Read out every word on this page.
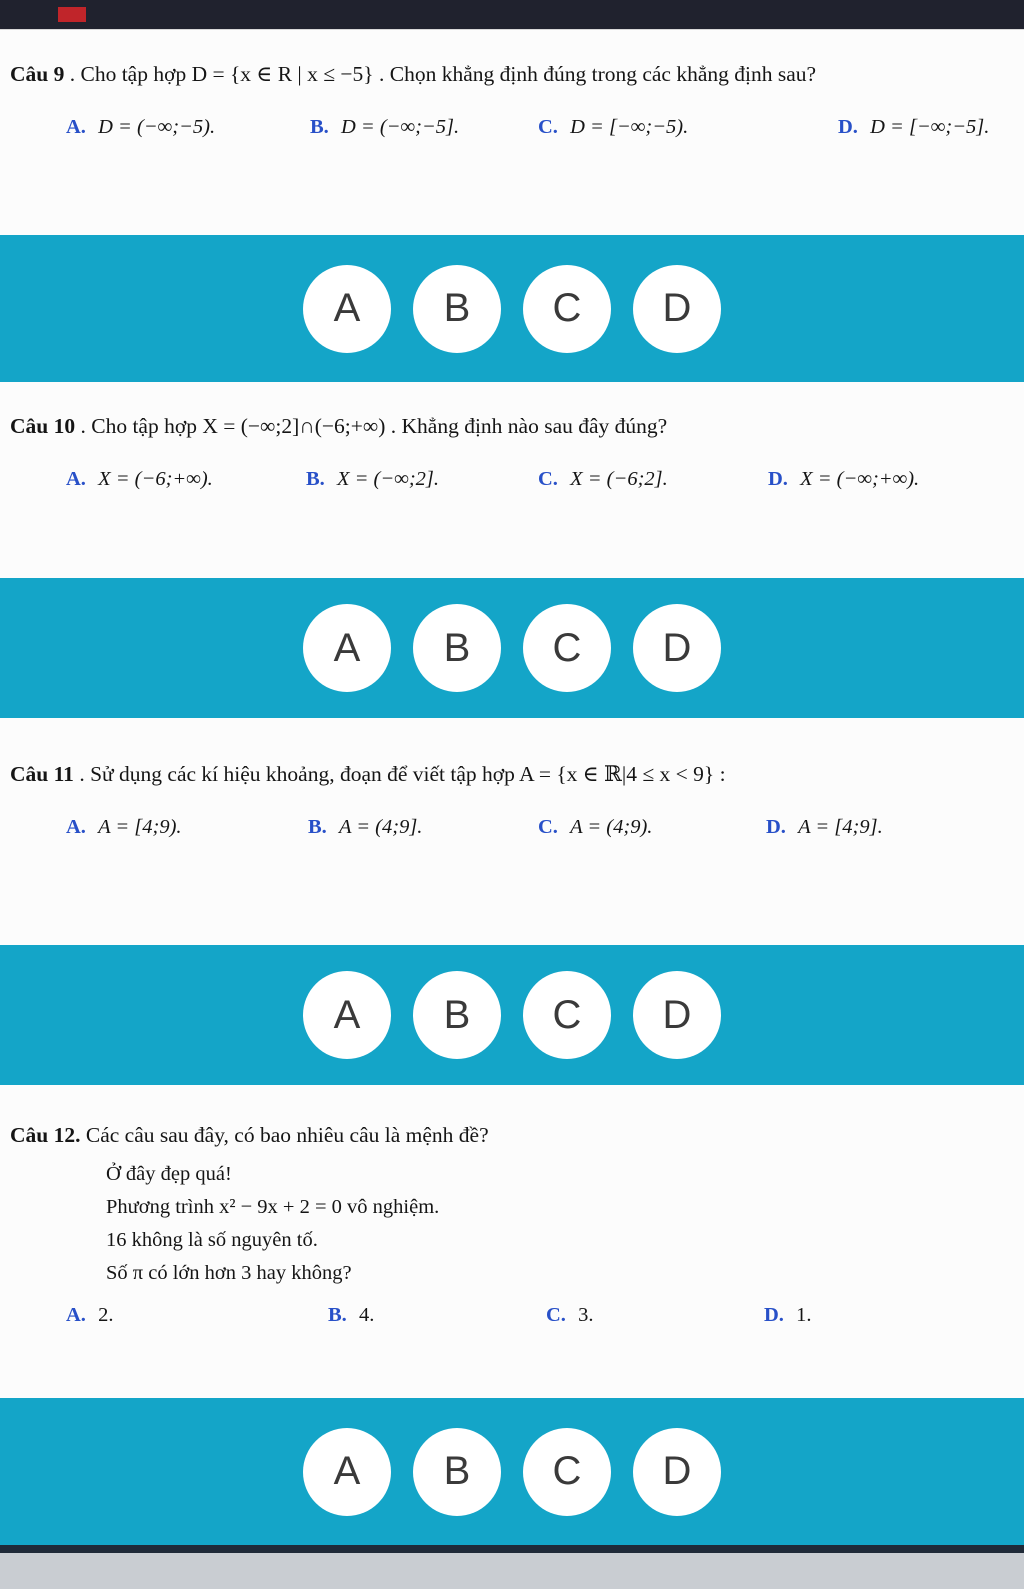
Câu 9 . Cho tập hợp D = {x ∈ R | x ≤ −5} . Chọn khẳng định đúng trong các khẳng định sau?
A. D = (−∞;−5).	B. D = (−∞;−5].	C. D = [−∞;−5).	D. D = [−∞;−5].
A	B	C	D
Câu 10 . Cho tập hợp X = (−∞;2]∩(−6;+∞) . Khẳng định nào sau đây đúng?
A. X = (−6;+∞).	B. X = (−∞;2].	C. X = (−6;2].	D. X = (−∞;+∞).
A	B	C	D
Câu 11 . Sử dụng các kí hiệu khoảng, đoạn để viết tập hợp A = {x ∈ ℝ|4 ≤ x < 9} :
A. A = [4;9).	B. A = (4;9].	C. A = (4;9).	D. A = [4;9].
A	B	C	D
Câu 12. Các câu sau đây, có bao nhiêu câu là mệnh đề?
Ở đây đẹp quá!
Phương trình x² − 9x + 2 = 0 vô nghiệm.
16 không là số nguyên tố.
Số π có lớn hơn 3 hay không?
A. 2.	B. 4.	C. 3.	D. 1.
A	B	C	D
